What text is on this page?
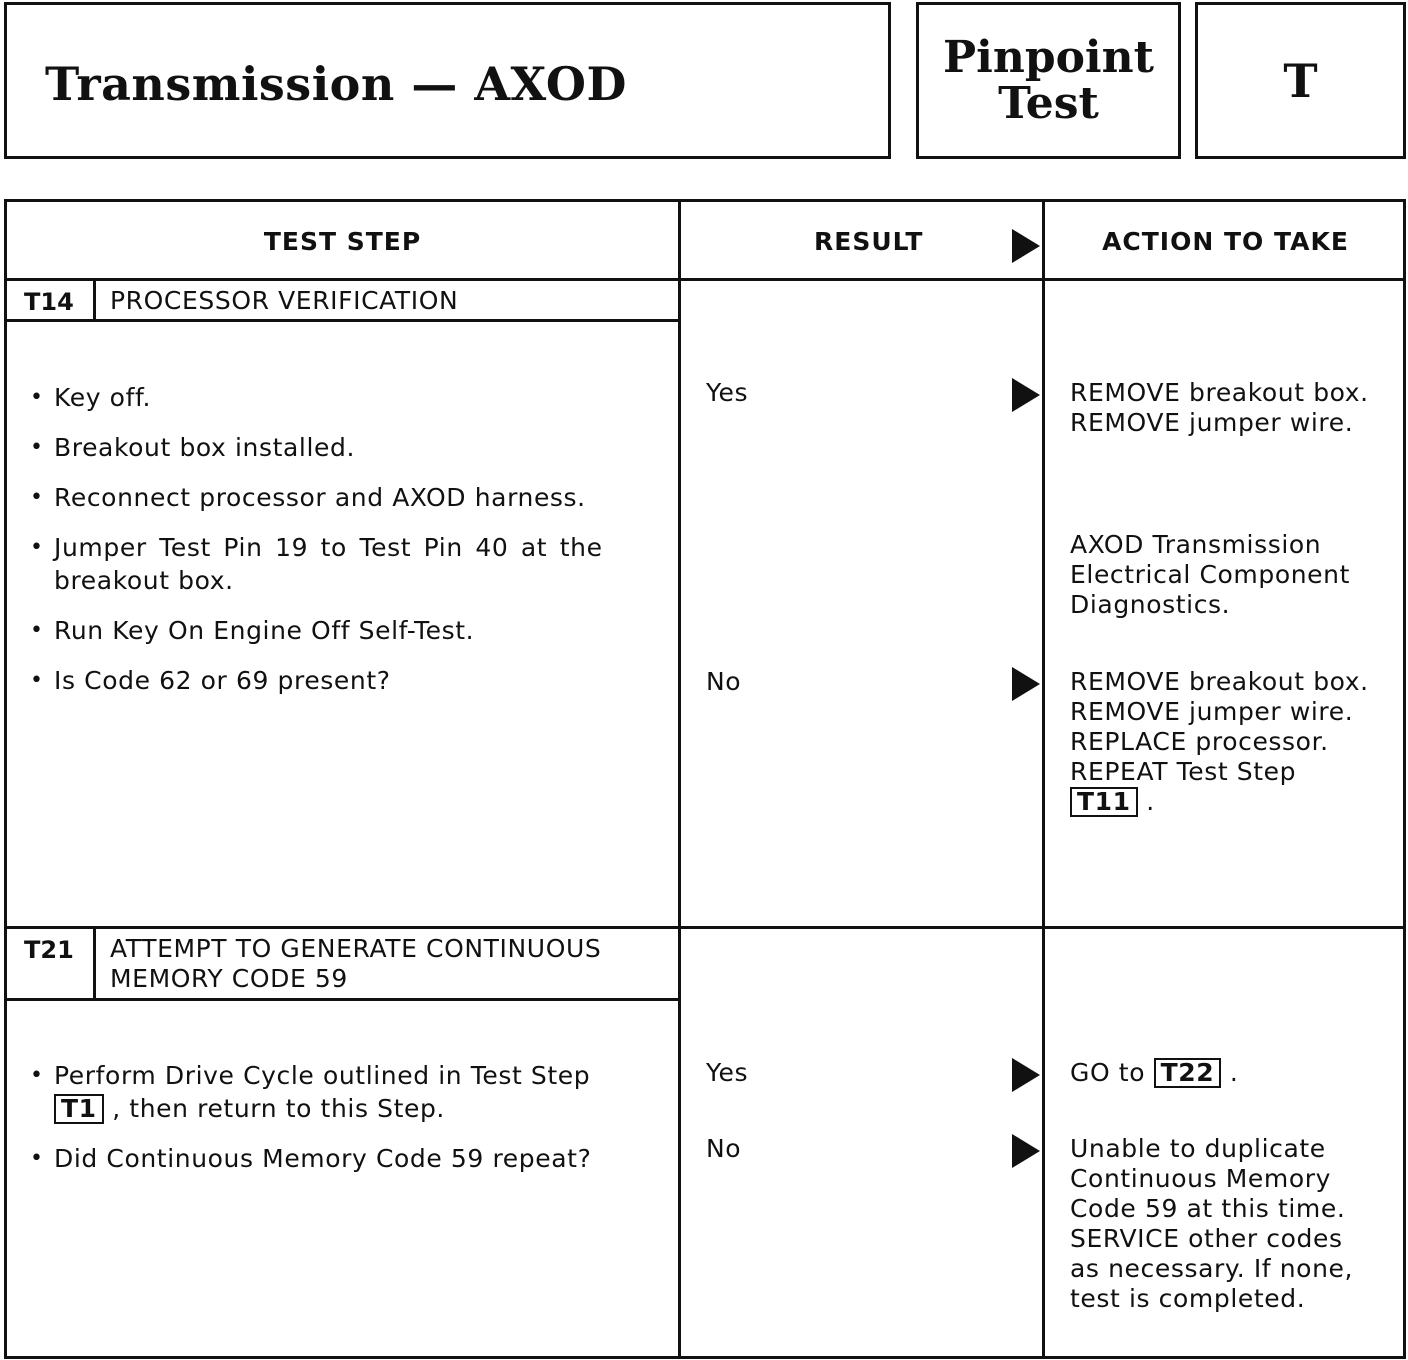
Transmission — AXOD	Pinpoint
Test	T
TEST STEP	RESULT	ACTION TO TAKE
T14 PROCESSOR VERIFICATION
• Key off.
• Breakout box installed.
• Reconnect processor and AXOD harness.
• Jumper Test Pin 19 to Test Pin 40 at the
breakout box.
• Run Key On Engine Off Self-Test.
• Is Code 62 or 69 present?
Yes	REMOVE breakout box.
REMOVE jumper wire.
AXOD Transmission
Electrical Component
Diagnostics.
No	REMOVE breakout box.
REMOVE jumper wire.
REPLACE processor.
REPEAT Test Step
T11 .
T21 ATTEMPT TO GENERATE CONTINUOUS
MEMORY CODE 59
• Perform Drive Cycle outlined in Test Step
T1 , then return to this Step.
• Did Continuous Memory Code 59 repeat?
Yes	GO to T22 .
No	Unable to duplicate
Continuous Memory
Code 59 at this time.
SERVICE other codes
as necessary. If none,
test is completed.
